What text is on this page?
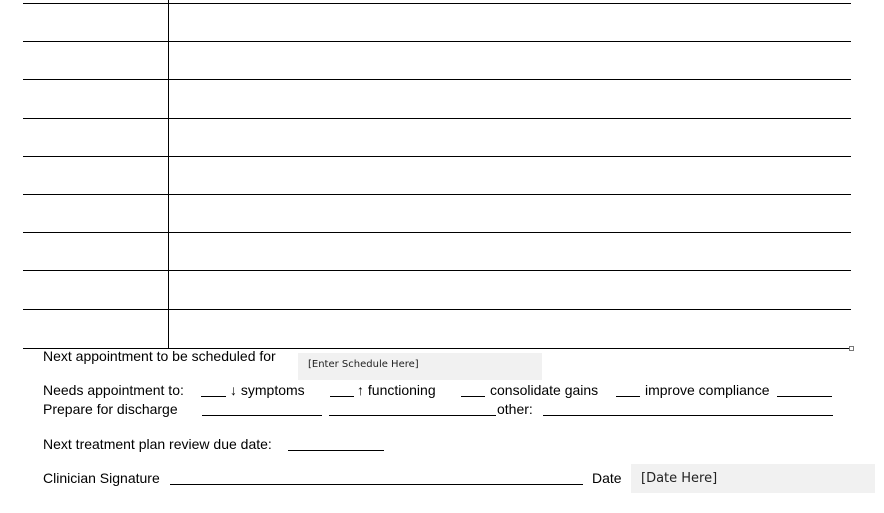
Next appointment to be scheduled for
[Enter Schedule Here]
Needs appointment to:	↓ symptoms	↑ functioning	consolidate gains	improve compliance
Prepare for discharge	other:
Next treatment plan review due date:
Clinician Signature	Date	[Date Here]
